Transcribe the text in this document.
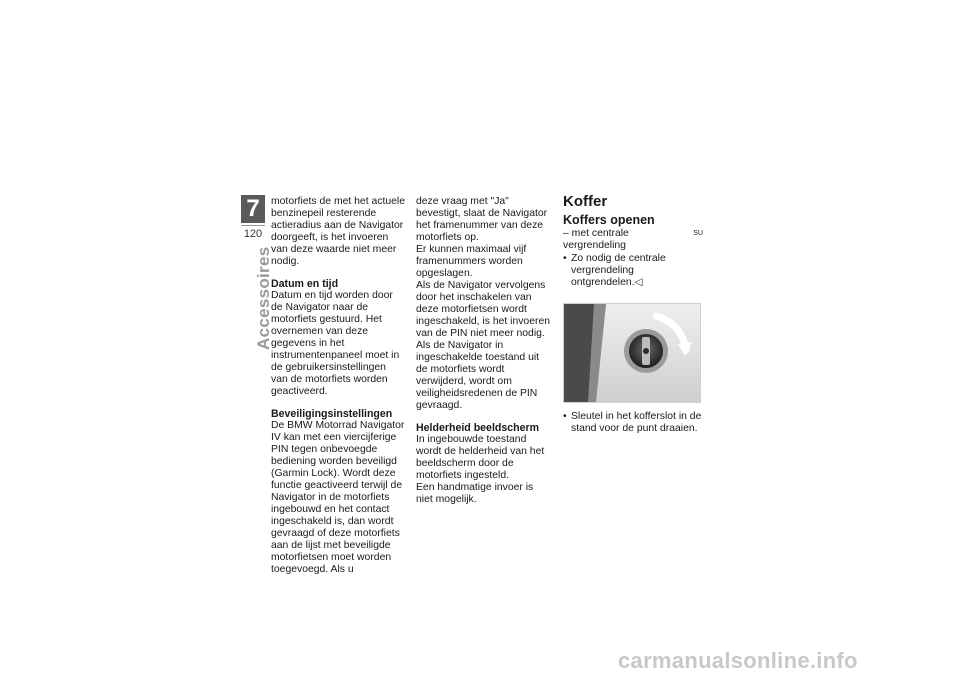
7
120
Accessoires

motorfiets de met het actuele benzinepeil resterende actieradius aan de Navigator doorgeeft, is het invoeren van deze waarde niet meer nodig.

Datum en tijd

Datum en tijd worden door de Navigator naar de motorfiets gestuurd. Het overnemen van deze gegevens in het instrumentenpaneel moet in de gebruikersinstellingen van de motorfiets worden geactiveerd.

Beveiligingsinstellingen

De BMW Motorrad Navigator IV kan met een viercijferige PIN tegen onbevoegde bediening worden beveiligd (Garmin Lock). Wordt deze functie geactiveerd terwijl de Navigator in de motorfiets ingebouwd en het contact ingeschakeld is, dan wordt gevraagd of deze motorfiets aan de lijst met beveiligde motorfietsen moet worden toegevoegd. Als u

deze vraag met "Ja" bevestigt, slaat de Navigator het framenummer van deze motorfiets op.

Er kunnen maximaal vijf framenummers worden opgeslagen.

Als de Navigator vervolgens door het inschakelen van deze motorfietsen wordt ingeschakeld, is het invoeren van de PIN niet meer nodig. Als de Navigator in ingeschakelde toestand uit de motorfiets wordt verwijderd, wordt om veiligheidsredenen de PIN gevraagd.

Helderheid beeldscherm

In ingebouwde toestand wordt de helderheid van het beeldscherm door de motorfiets ingesteld.

Een handmatige invoer is niet mogelijk.

Koffer
Koffers openen
– met centrale vergrendeling
SU
• Zo nodig de centrale vergrendeling ontgrendelen.◁
• Sleutel in het kofferslot in de stand voor de punt draaien.
carmanualsonline.info
